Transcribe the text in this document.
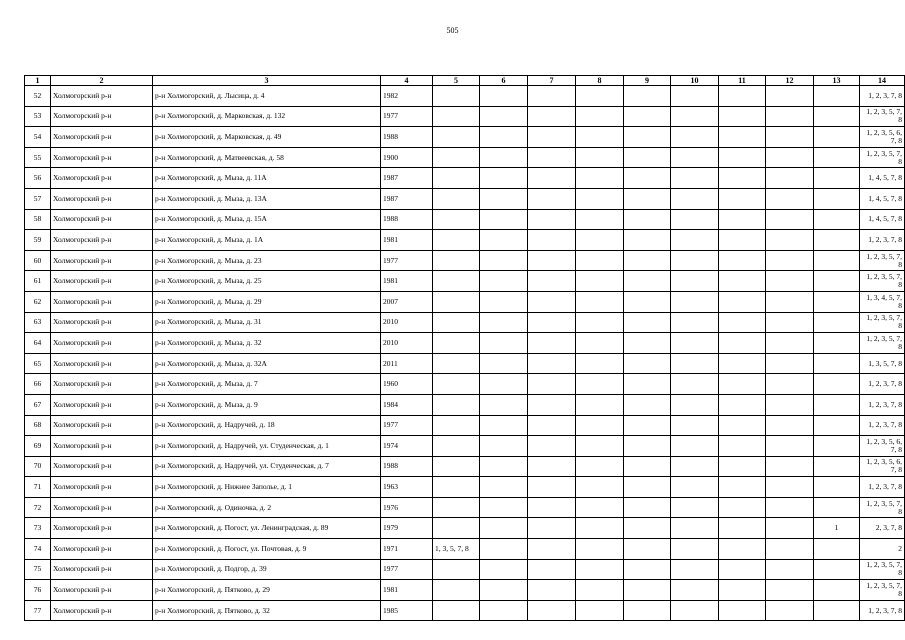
505
1	2	3	4	5	6	7	8	9	10	11	12	13	14
52	Холмогорский р-н	р-н Холмогорский, д. Лысица, д. 4	1982										1, 2, 3, 7, 8
53	Холмогорский р-н	р-н Холмогорский, д. Марковская, д. 132	1977										1, 2, 3, 5, 7, 8
54	Холмогорский р-н	р-н Холмогорский, д. Марковская, д. 49	1988										1, 2, 3, 5, 6, 7, 8
55	Холмогорский р-н	р-н Холмогорский, д. Матвеевская, д. 58	1900										1, 2, 3, 5, 7, 8
56	Холмогорский р-н	р-н Холмогорский, д. Мыза, д. 11А	1987										1, 4, 5, 7, 8
57	Холмогорский р-н	р-н Холмогорский, д. Мыза, д. 13А	1987										1, 4, 5, 7, 8
58	Холмогорский р-н	р-н Холмогорский, д. Мыза, д. 15А	1988										1, 4, 5, 7, 8
59	Холмогорский р-н	р-н Холмогорский, д. Мыза, д. 1А	1981										1, 2, 3, 7, 8
60	Холмогорский р-н	р-н Холмогорский, д. Мыза, д. 23	1977										1, 2, 3, 5, 7, 8
61	Холмогорский р-н	р-н Холмогорский, д. Мыза, д. 25	1981										1, 2, 3, 5, 7, 8
62	Холмогорский р-н	р-н Холмогорский, д. Мыза, д. 29	2007										1, 3, 4, 5, 7, 8
63	Холмогорский р-н	р-н Холмогорский, д. Мыза, д. 31	2010										1, 2, 3, 5, 7, 8
64	Холмогорский р-н	р-н Холмогорский, д. Мыза, д. 32	2010										1, 2, 3, 5, 7, 8
65	Холмогорский р-н	р-н Холмогорский, д. Мыза, д. 32А	2011										1, 3, 5, 7, 8
66	Холмогорский р-н	р-н Холмогорский, д. Мыза, д. 7	1960										1, 2, 3, 7, 8
67	Холмогорский р-н	р-н Холмогорский, д. Мыза, д. 9	1984										1, 2, 3, 7, 8
68	Холмогорский р-н	р-н Холмогорский, д. Надручей, д. 18	1977										1, 2, 3, 7, 8
69	Холмогорский р-н	р-н Холмогорский, д. Надручей, ул. Студенческая, д. 1	1974										1, 2, 3, 5, 6, 7, 8
70	Холмогорский р-н	р-н Холмогорский, д. Надручей, ул. Студенческая, д. 7	1988										1, 2, 3, 5, 6, 7, 8
71	Холмогорский р-н	р-н Холмогорский, д. Нижнее Заполье, д. 1	1963										1, 2, 3, 7, 8
72	Холмогорский р-н	р-н Холмогорский, д. Одиночка, д. 2	1976										1, 2, 3, 5, 7, 8
73	Холмогорский р-н	р-н Холмогорский, д. Погост, ул. Ленинградская, д. 89	1979									1	2, 3, 7, 8
74	Холмогорский р-н	р-н Холмогорский, д. Погост, ул. Почтовая, д. 9	1971	1, 3, 5, 7, 8									2
75	Холмогорский р-н	р-н Холмогорский, д. Подгор, д. 39	1977										1, 2, 3, 5, 7, 8
76	Холмогорский р-н	р-н Холмогорский, д. Пятково, д. 29	1981										1, 2, 3, 5, 7, 8
77	Холмогорский р-н	р-н Холмогорский, д. Пятково, д. 32	1985										1, 2, 3, 7, 8
